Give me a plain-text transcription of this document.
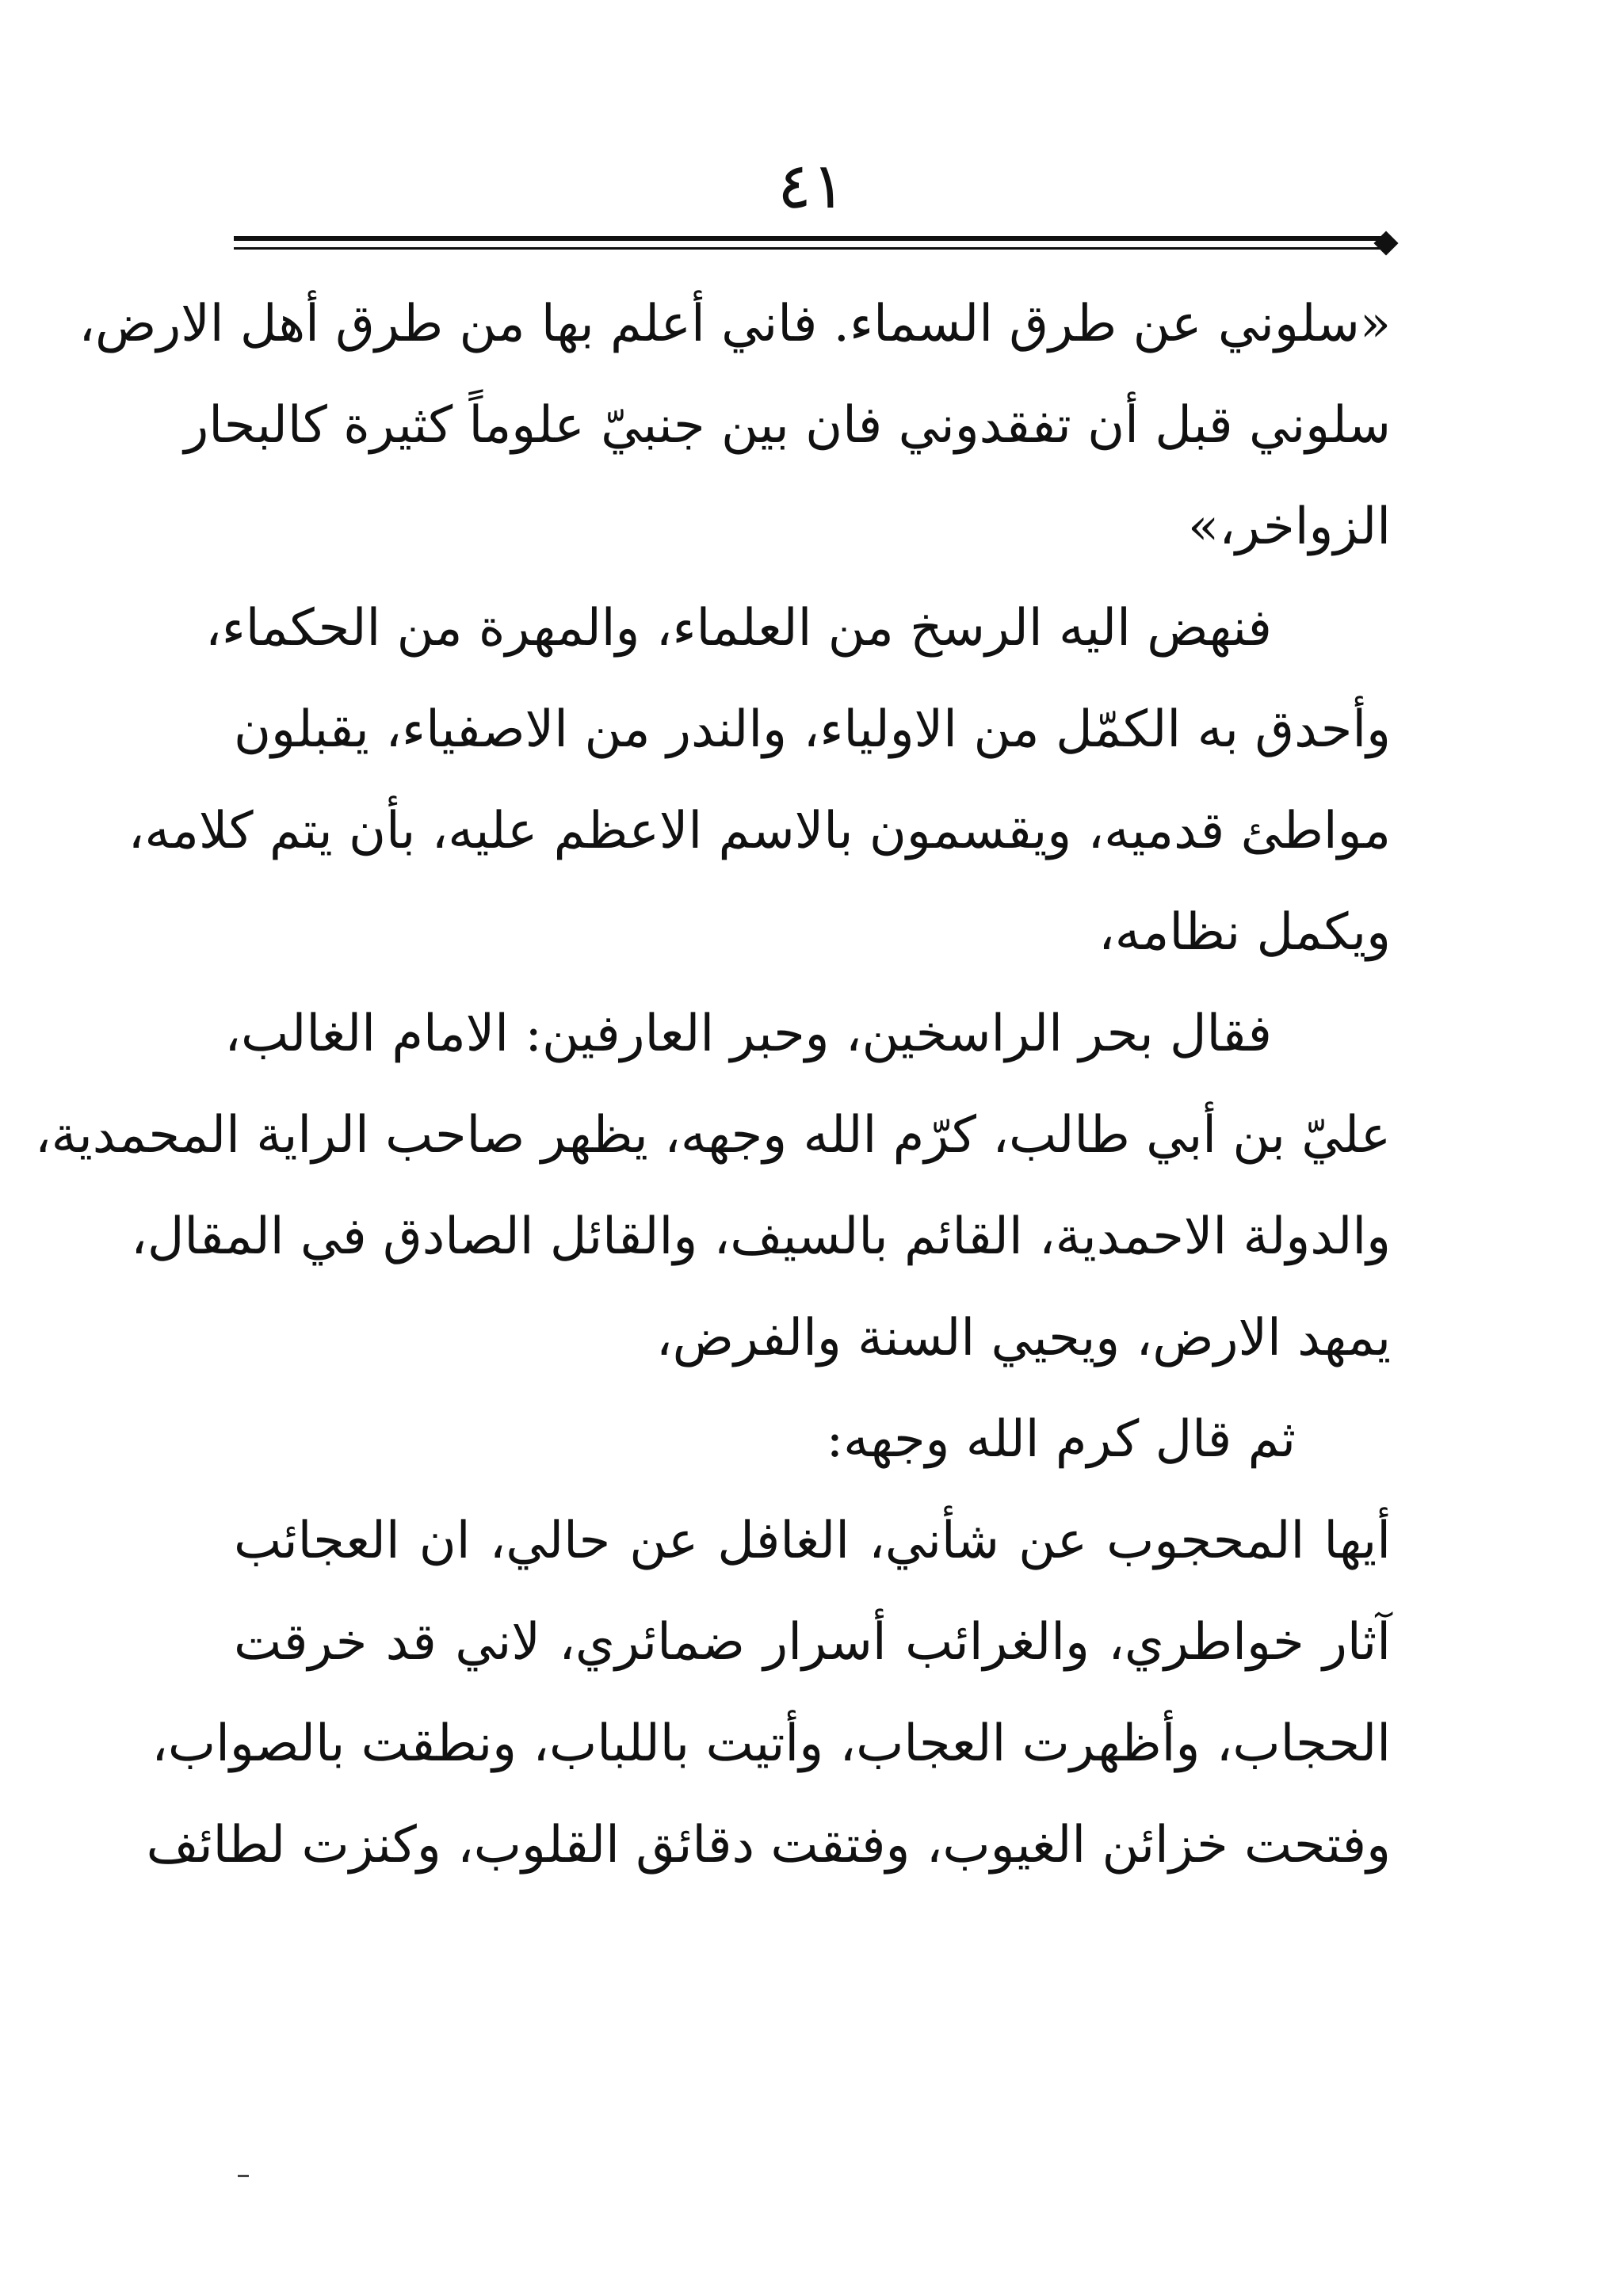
٤١
«سلوني عن طرق السماء. فاني أعلم بها من طرق أهل الارض،
سلوني قبل أن تفقدوني فان بين جنبيّ علوماً كثيرة كالبحار
الزواخر،»
فنهض اليه الرسخ من العلماء، والمهرة من الحكماء،
وأحدق به الكمّل من الاولياء، والندر من الاصفياء، يقبلون
مواطئ قدميه، ويقسمون بالاسم الاعظم عليه، بأن يتم كلامه،
ويكمل نظامه،
فقال بحر الراسخين، وحبر العارفين: الامام الغالب،
عليّ بن أبي طالب، كرّم الله وجهه، يظهر صاحب الراية المحمدية،
والدولة الاحمدية، القائم بالسيف، والقائل الصادق في المقال،
يمهد الارض، ويحيي السنة والفرض،
ثم قال كرم الله وجهه:
أيها المحجوب عن شأني، الغافل عن حالي، ان العجائب
آثار خواطري، والغرائب أسرار ضمائري، لاني قد خرقت
الحجاب، وأظهرت العجاب، وأتيت باللباب، ونطقت بالصواب،
وفتحت خزائن الغيوب، وفتقت دقائق القلوب، وكنزت لطائف
